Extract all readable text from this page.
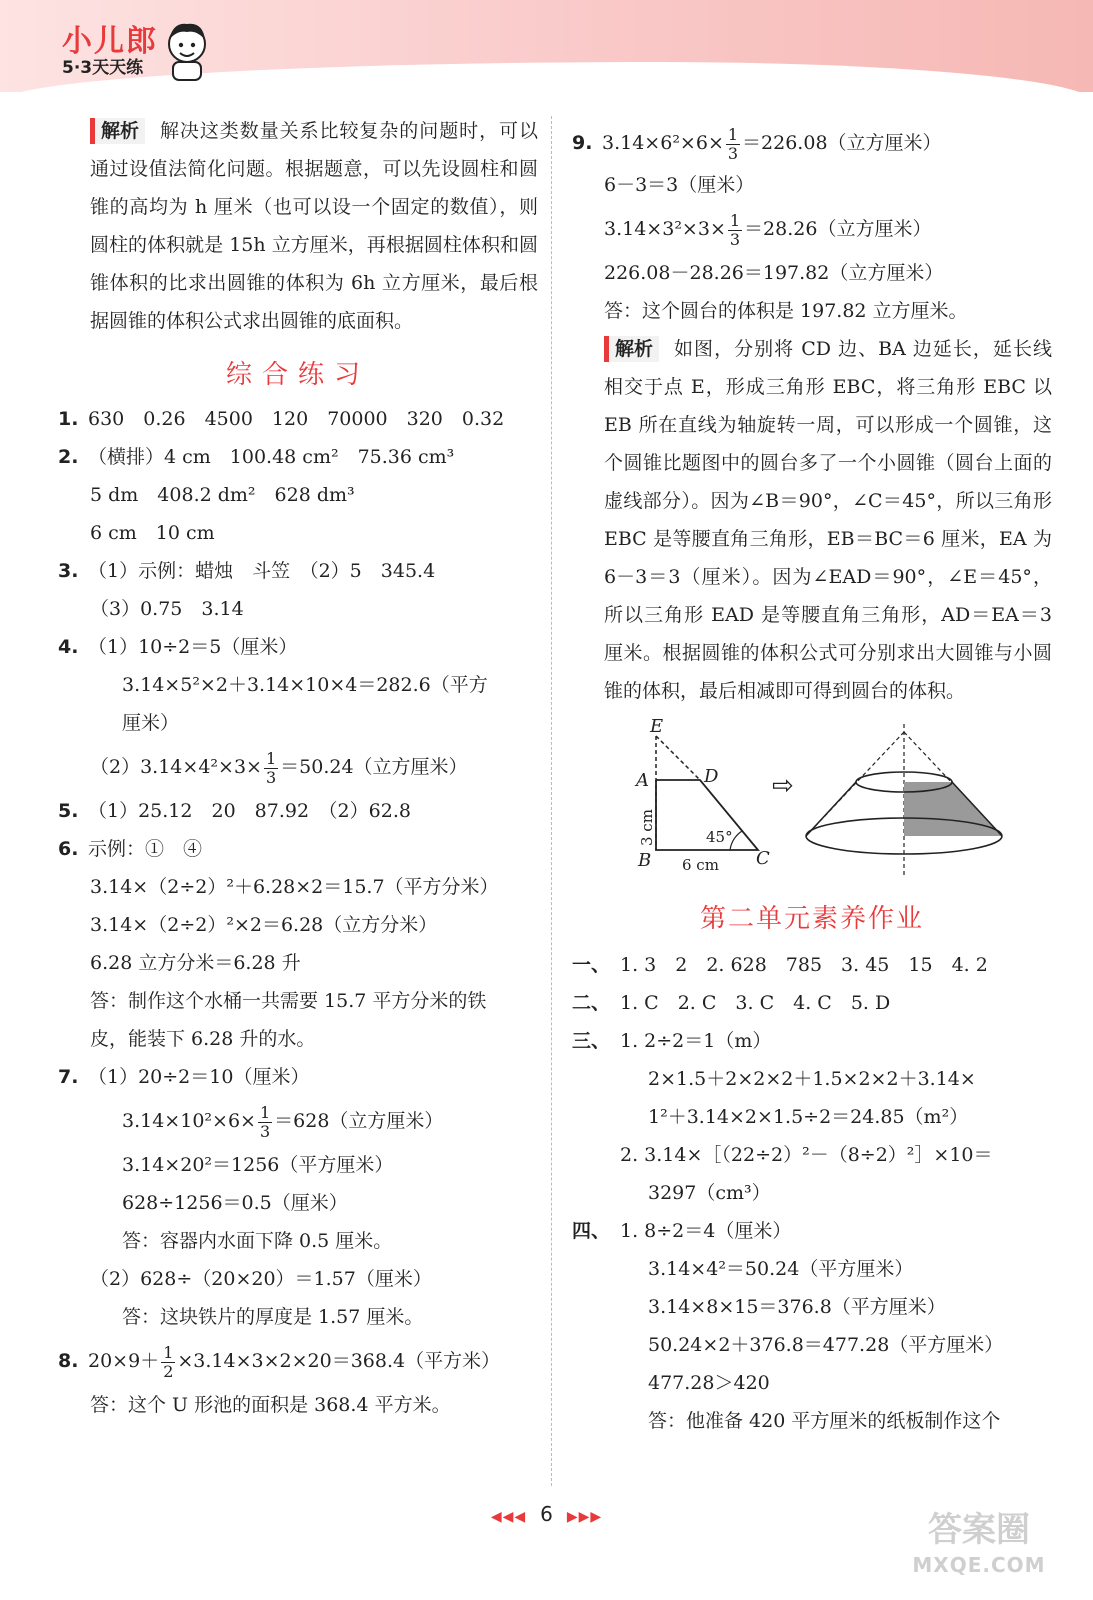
小儿郎
5·3天天练

解析 解决这类数量关系比较复杂的问题时，可以通过设值法简化问题。根据题意，可以先设圆柱和圆锥的高均为 h 厘米（也可以设一个固定的数值），则圆柱的体积就是 15h 立方厘米，再根据圆柱体积和圆锥体积的比求出圆锥的体积为 6h 立方厘米，最后根据圆锥的体积公式求出圆锥的底面积。

综合练习

1. 630　0.26　4500　120　70000　320　0.32

2. （横排）4 cm　100.48 cm²　75.36 cm³

5 dm　408.2 dm²　628 dm³

6 cm　10 cm

3. （1）示例：蜡烛　斗笠　（2）5　345.4

（3）0.75　3.14

4. （1）10÷2＝5（厘米）

3.14×5²×2＋3.14×10×4＝282.6（平方

厘米）

$(2)3.14\times 4^2\times 3\times \frac{1}{3} =50.24$（立方厘米）

5. （1）25.12　20　87.92　（2）62.8

6. 示例：①　④

3.14×（2÷2）²＋6.28×2＝15.7（平方分米）

3.14×（2÷2）²×2＝6.28（立方分米）

6.28 立方分米＝6.28 升

答：制作这个水桶一共需要 15.7 平方分米的铁

皮，能装下 6.28 升的水。

7. （1）20÷2＝10（厘米）

$3.14\times 10^2\times 6\times \frac{1}{3} =628$（立方厘米）

3.14×20²＝1256（平方厘米）

628÷1256＝0.5（厘米）

答：容器内水面下降 0.5 厘米。

（2）628÷（20×20）＝1.57（厘米）

答：这块铁片的厚度是 1.57 厘米。

8. $20\times 9+ \frac{1}{2} \times 3.14\times 3\times 2\times 20=368.4$（平方米）

答：这个 U 形池的面积是 368.4 平方米。

9. $3.14\times 6^2\times 6\times \frac{1}{3} =226.08$（立方厘米）

6－3＝3（厘米）

$3.14\times 3^2\times 3\times \frac{1}{3} =28.26$（立方厘米）

226.08－28.26＝197.82（立方厘米）

答：这个圆台的体积是 197.82 立方厘米。

解析 如图，分别将 CD 边、BA 边延长，延长线相交于点 E，形成三角形 EBC，将三角形 EBC 以 EB 所在直线为轴旋转一周，可以形成一个圆锥，这个圆锥比题图中的圆台多了一个小圆锥（圆台上面的虚线部分）。因为∠B＝90°，∠C＝45°，所以三角形 EBC 是等腰直角三角形，EB＝BC＝6 厘米，EA 为 6－3＝3（厘米）。因为∠EAD＝90°，∠E＝45°，所以三角形 EAD 是等腰直角三角形，AD＝EA＝3 厘米。根据圆锥的体积公式可分别求出大圆锥与小圆锥的体积，最后相减即可得到圆台的体积。

E
A	D
B	C
3 cm
6 cm
45°
⇨
第二单元素养作业

一、 1. 3　2　2. 628　785　3. 45　15　4. 2

二、 1. C　2. C　3. C　4. C　5. D

三、 1. 2÷2＝1（m）

2×1.5＋2×2×2＋1.5×2×2＋3.14×

1²＋3.14×2×1.5÷2＝24.85（m²）

2. 3.14×［（22÷2）²－（8÷2）²］×10＝

3297（cm³）

四、 1. 8÷2＝4（厘米）

3.14×4²＝50.24（平方厘米）

3.14×8×15＝376.8（平方厘米）

50.24×2＋376.8＝477.28（平方厘米）

477.28＞420

答：他准备 420 平方厘米的纸板制作这个

◀◀◀ 6 ▶▶▶	答案圈
MXQE.COM
